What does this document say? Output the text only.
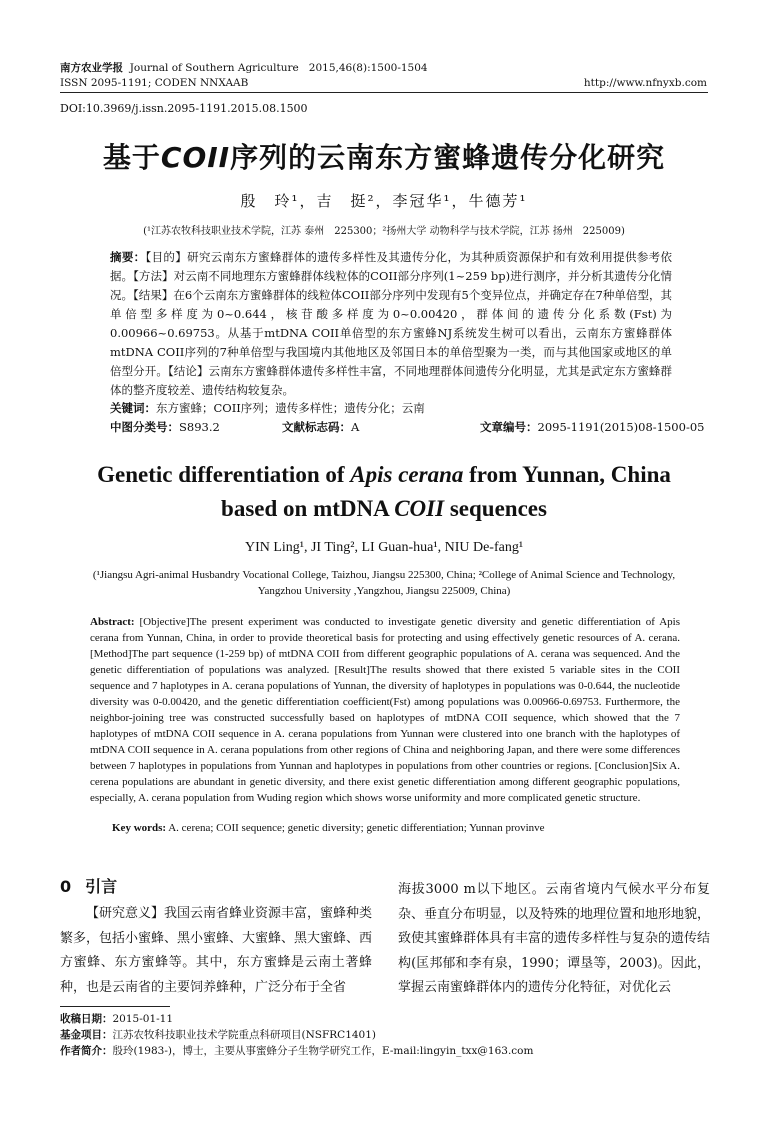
南方农业学报 Journal of Southern Agriculture 2015,46(8):1500-1504
ISSN 2095-1191; CODEN NNXAAB	http://www.nfnyxb.com
DOI:10.3969/j.issn.2095-1191.2015.08.1500
基于COII序列的云南东方蜜蜂遗传分化研究
殷　玲¹，吉　挺²，李冠华¹，牛德芳¹
(¹江苏农牧科技职业技术学院，江苏 泰州　225300；²扬州大学 动物科学与技术学院，江苏 扬州　225009)
摘要：【目的】研究云南东方蜜蜂群体的遗传多样性及其遗传分化，为其种质资源保护和有效利用提供参考依据。【方法】对云南不同地理东方蜜蜂群体线粒体的COII部分序列(1~259 bp)进行测序，并分析其遗传分化情况。【结果】在6个云南东方蜜蜂群体的线粒体COII部分序列中发现有5个变异位点，并确定存在7种单倍型，其单倍型多样度为0~0.644，核苷酸多样度为0~0.00420，群体间的遗传分化系数(Fst)为0.00966~0.69753。从基于mtDNA COII单倍型的东方蜜蜂NJ系统发生树可以看出，云南东方蜜蜂群体mtDNA COII序列的7种单倍型与我国境内其他地区及邻国日本的单倍型聚为一类，而与其他国家或地区的单倍型分开。【结论】云南东方蜜蜂群体遗传多样性丰富，不同地理群体间遗传分化明显，尤其是武定东方蜜蜂群体的整齐度较差、遗传结构较复杂。
关键词：东方蜜蜂；COII序列；遗传多样性；遗传分化；云南
中图分类号：S893.2	文献标志码：A	文章编号：2095-1191(2015)08-1500-05
Genetic differentiation of Apis cerana from Yunnan, China
based on mtDNA COII sequences
YIN Ling¹, JI Ting², LI Guan-hua¹, NIU De-fang¹
(¹Jiangsu Agri-animal Husbandry Vocational College, Taizhou, Jiangsu 225300, China; ²College of Animal Science and Technology, Yangzhou University ,Yangzhou, Jiangsu 225009, China)
Abstract: [Objective]The present experiment was conducted to investigate genetic diversity and genetic differentiation of Apis cerana from Yunnan, China, in order to provide theoretical basis for protecting and using effectively genetic resources of A. cerana. [Method]The part sequence (1-259 bp) of mtDNA COII from different geographic populations of A. cerana was sequenced. And the genetic differentiation of populations was analyzed. [Result]The results showed that there existed 5 variable sites in the COII sequence and 7 haplotypes in A. cerana populations of Yunnan, the diversity of haplotypes in populations was 0-0.644, the nucleotide diversity was 0-0.00420, and the genetic differentiation coefficient(Fst) among populations was 0.00966-0.69753. Furthermore, the neighbor-joining tree was constructed successfully based on haplotypes of mtDNA COII sequence, which showed that the 7 haplotypes of mtDNA COII sequence in A. cerana populations from Yunnan were clustered into one branch with the haplotypes of mtDNA COII sequence in A. cerana populations from other regions of China and neighboring Japan, and there were some differences between 7 haplotypes in populations from Yunnan and haplotypes in populations from other countries or regions. [Conclusion]Six A. cerena populations are abundant in genetic diversity, and there exist genetic differentiation among different geographic populations, especially, A. cerana population from Wuding region which shows worse uniformity and more complicated genetic structure.
Key words: A. cerena; COII sequence; genetic diversity; genetic differentiation; Yunnan provinve
0 引言
【研究意义】我国云南省蜂业资源丰富，蜜蜂种类繁多，包括小蜜蜂、黑小蜜蜂、大蜜蜂、黑大蜜蜂、西方蜜蜂、东方蜜蜂等。其中，东方蜜蜂是云南土著蜂种，也是云南省的主要饲养蜂种，广泛分布于全省
海拔3000 m以下地区。云南省境内气候水平分布复杂、垂直分布明显，以及特殊的地理位置和地形地貌，致使其蜜蜂群体具有丰富的遗传多样性与复杂的遗传结构(匡邦郁和李有泉，1990；谭垦等，2003)。因此，掌握云南蜜蜂群体内的遗传分化特征，对优化云
收稿日期：2015-01-11
基金项目：江苏农牧科技职业技术学院重点科研项目(NSFRC1401)
作者简介：殷玲(1983-)，博士，主要从事蜜蜂分子生物学研究工作，E-mail:lingyin_txx@163.com
